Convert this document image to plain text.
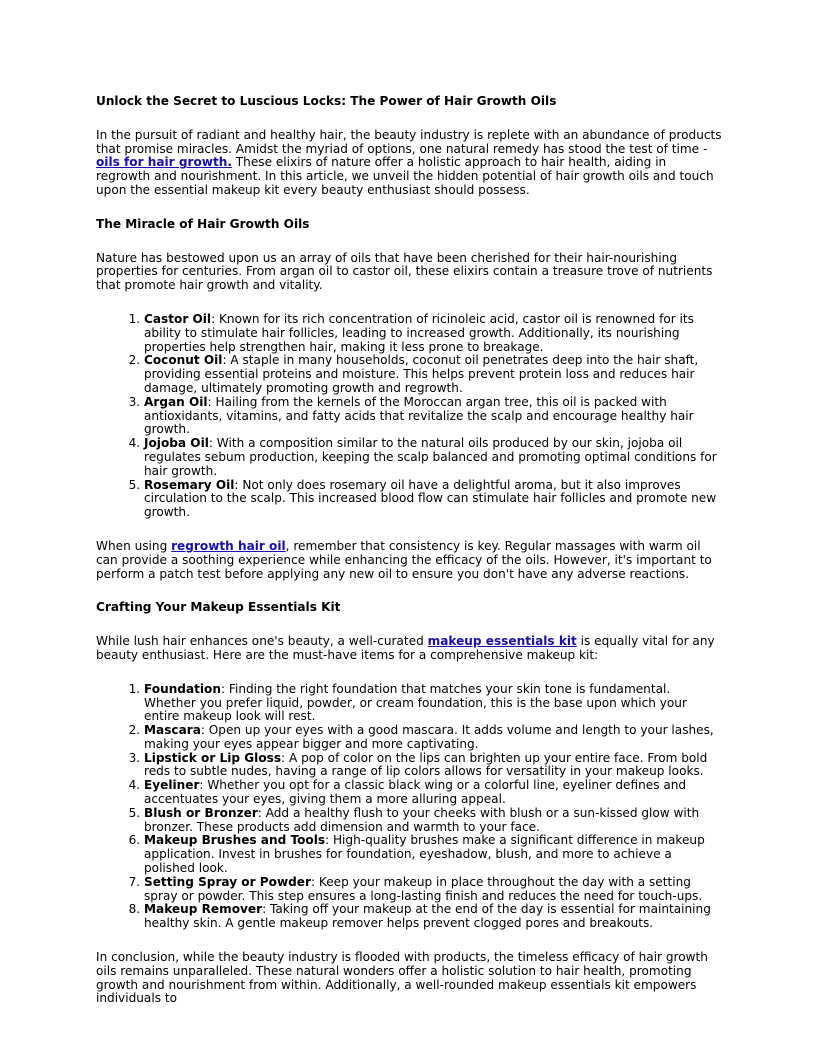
Unlock the Secret to Luscious Locks: The Power of Hair Growth Oils

In the pursuit of radiant and healthy hair, the beauty industry is replete with an abundance of products that promise miracles. Amidst the myriad of options, one natural remedy has stood the test of time - oils for hair growth. These elixirs of nature offer a holistic approach to hair health, aiding in regrowth and nourishment. In this article, we unveil the hidden potential of hair growth oils and touch upon the essential makeup kit every beauty enthusiast should possess.

The Miracle of Hair Growth Oils

Nature has bestowed upon us an array of oils that have been cherished for their hair-nourishing properties for centuries. From argan oil to castor oil, these elixirs contain a treasure trove of nutrients that promote hair growth and vitality.

1. Castor Oil: Known for its rich concentration of ricinoleic acid, castor oil is renowned for its ability to stimulate hair follicles, leading to increased growth. Additionally, its nourishing properties help strengthen hair, making it less prone to breakage.
2. Coconut Oil: A staple in many households, coconut oil penetrates deep into the hair shaft, providing essential proteins and moisture. This helps prevent protein loss and reduces hair damage, ultimately promoting growth and regrowth.
3. Argan Oil: Hailing from the kernels of the Moroccan argan tree, this oil is packed with antioxidants, vitamins, and fatty acids that revitalize the scalp and encourage healthy hair growth.
4. Jojoba Oil: With a composition similar to the natural oils produced by our skin, jojoba oil regulates sebum production, keeping the scalp balanced and promoting optimal conditions for hair growth.
5. Rosemary Oil: Not only does rosemary oil have a delightful aroma, but it also improves circulation to the scalp. This increased blood flow can stimulate hair follicles and promote new growth.

When using regrowth hair oil, remember that consistency is key. Regular massages with warm oil can provide a soothing experience while enhancing the efficacy of the oils. However, it's important to perform a patch test before applying any new oil to ensure you don't have any adverse reactions.

Crafting Your Makeup Essentials Kit

While lush hair enhances one's beauty, a well-curated makeup essentials kit is equally vital for any beauty enthusiast. Here are the must-have items for a comprehensive makeup kit:

1. Foundation: Finding the right foundation that matches your skin tone is fundamental. Whether you prefer liquid, powder, or cream foundation, this is the base upon which your entire makeup look will rest.
2. Mascara: Open up your eyes with a good mascara. It adds volume and length to your lashes, making your eyes appear bigger and more captivating.
3. Lipstick or Lip Gloss: A pop of color on the lips can brighten up your entire face. From bold reds to subtle nudes, having a range of lip colors allows for versatility in your makeup looks.
4. Eyeliner: Whether you opt for a classic black wing or a colorful line, eyeliner defines and accentuates your eyes, giving them a more alluring appeal.
5. Blush or Bronzer: Add a healthy flush to your cheeks with blush or a sun-kissed glow with bronzer. These products add dimension and warmth to your face.
6. Makeup Brushes and Tools: High-quality brushes make a significant difference in makeup application. Invest in brushes for foundation, eyeshadow, blush, and more to achieve a polished look.
7. Setting Spray or Powder: Keep your makeup in place throughout the day with a setting spray or powder. This step ensures a long-lasting finish and reduces the need for touch-ups.
8. Makeup Remover: Taking off your makeup at the end of the day is essential for maintaining healthy skin. A gentle makeup remover helps prevent clogged pores and breakouts.

In conclusion, while the beauty industry is flooded with products, the timeless efficacy of hair growth oils remains unparalleled. These natural wonders offer a holistic solution to hair health, promoting growth and nourishment from within. Additionally, a well-rounded makeup essentials kit empowers individuals to
